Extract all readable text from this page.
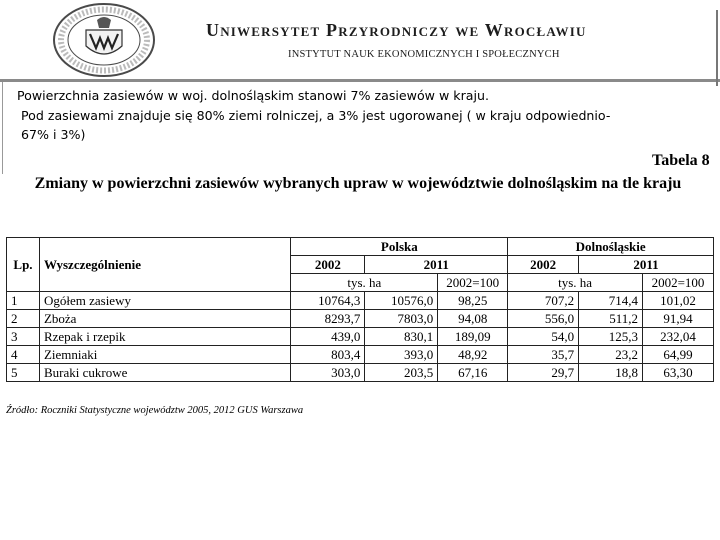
Uniwersytet Przyrodniczy we Wrocławiu
INSTYTUT NAUK EKONOMICZNYCH I SPOŁECZNYCH

Powierzchnia zasiewów w woj. dolnośląskim stanowi 7% zasiewów w kraju.

Pod zasiewami znajduje się 80% ziemi rolniczej, a 3% jest ugorowanej ( w kraju odpowiednio- 67% i 3%)

Tabela 8
Zmiany w powierzchni zasiewów wybranych upraw w województwie dolnośląskim na tle kraju
Lp.	Wyszczególnienie	Polska			Dolnośląskie		
		2002	2011		2002	2011	
		tys. ha		2002=100	tys. ha		2002=100
1	Ogółem zasiewy	10764,3	10576,0	98,25	707,2	714,4	101,02
2	Zboża	8293,7	7803,0	94,08	556,0	511,2	91,94
3	Rzepak i rzepik	439,0	830,1	189,09	54,0	125,3	232,04
4	Ziemniaki	803,4	393,0	48,92	35,7	23,2	64,99
5	Buraki cukrowe	303,0	203,5	67,16	29,7	18,8	63,30
Źródło: Roczniki Statystyczne województw 2005, 2012 GUS Warszawa
